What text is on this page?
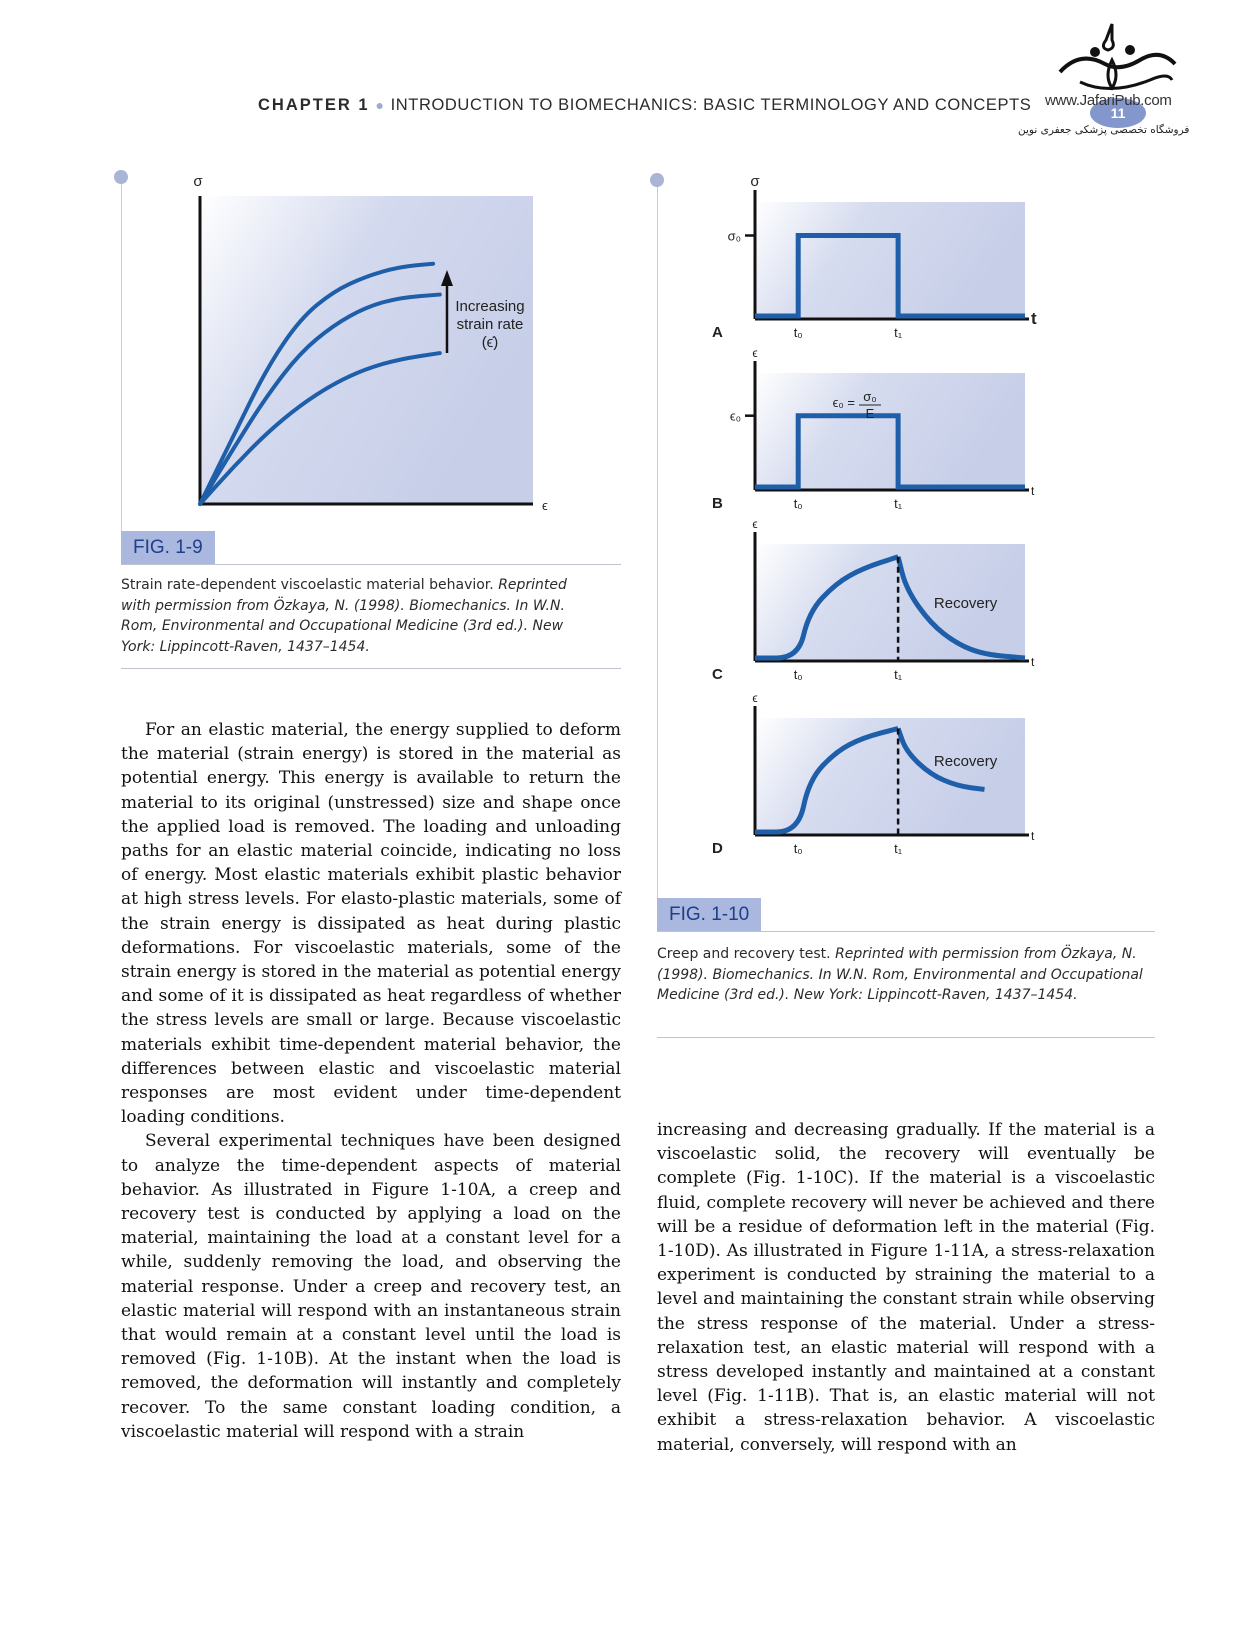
CHAPTER 1 ● INTRODUCTION TO BIOMECHANICS: BASIC TERMINOLOGY AND CONCEPTS	11
www.JafariPub.com
فروشگاه تخصصی پزشکی جعفری نوین
σ
ϵ
Increasing
strain rate
(ϵ̇)
FIG. 1-9
Strain rate-dependent viscoelastic material behavior. Reprinted with permission from Özkaya, N. (1998). Biomechanics. In W.N. Rom, Environmental and Occupational Medicine (3rd ed.). New York: Lippincott-Raven, 1437–1454.
σ
t
A	t₀	t₁
σ₀
ϵ
t
B	t₀	t₁
ϵ₀
ϵ₀ = σ₀
E
ϵ
t
C	t₀	t₁
Recovery
ϵ
t
D	t₀	t₁
Recovery
FIG. 1-10
Creep and recovery test. Reprinted with permission from Özkaya, N. (1998). Biomechanics. In W.N. Rom, Environmental and Occupational Medicine (3rd ed.). New York: Lippincott-Raven, 1437–1454.

For an elastic material, the energy supplied to deform the material (strain energy) is stored in the material as potential energy. This energy is available to return the material to its original (unstressed) size and shape once the applied load is removed. The loading and unloading paths for an elastic material coincide, indicating no loss of energy. Most elastic materials exhibit plastic behavior at high stress levels. For elasto-plastic materials, some of the strain energy is dissipated as heat during plastic deformations. For viscoelastic materials, some of the strain energy is stored in the material as potential energy and some of it is dissipated as heat regardless of whether the stress levels are small or large. Because viscoelastic materials exhibit time-dependent material behavior, the differences between elastic and viscoelastic material responses are most evident under time-dependent loading conditions.

Several experimental techniques have been designed to analyze the time-dependent aspects of material behavior. As illustrated in Figure 1-10A, a creep and recovery test is conducted by applying a load on the material, maintaining the load at a constant level for a while, suddenly removing the load, and observing the material response. Under a creep and recovery test, an elastic material will respond with an instantaneous strain that would remain at a constant level until the load is removed (Fig. 1-10B). At the instant when the load is removed, the deformation will instantly and completely recover. To the same constant loading condition, a viscoelastic material will respond with a strain

increasing and decreasing gradually. If the material is a viscoelastic solid, the recovery will eventually be complete (Fig. 1-10C). If the material is a viscoelastic fluid, complete recovery will never be achieved and there will be a residue of deformation left in the material (Fig. 1-10D). As illustrated in Figure 1-11A, a stress-relaxation experiment is conducted by straining the material to a level and maintaining the constant strain while observing the stress response of the material. Under a stress-relaxation test, an elastic material will respond with a stress developed instantly and maintained at a constant level (Fig. 1-11B). That is, an elastic material will not exhibit a stress-relaxation behavior. A viscoelastic material, conversely, will respond with an
